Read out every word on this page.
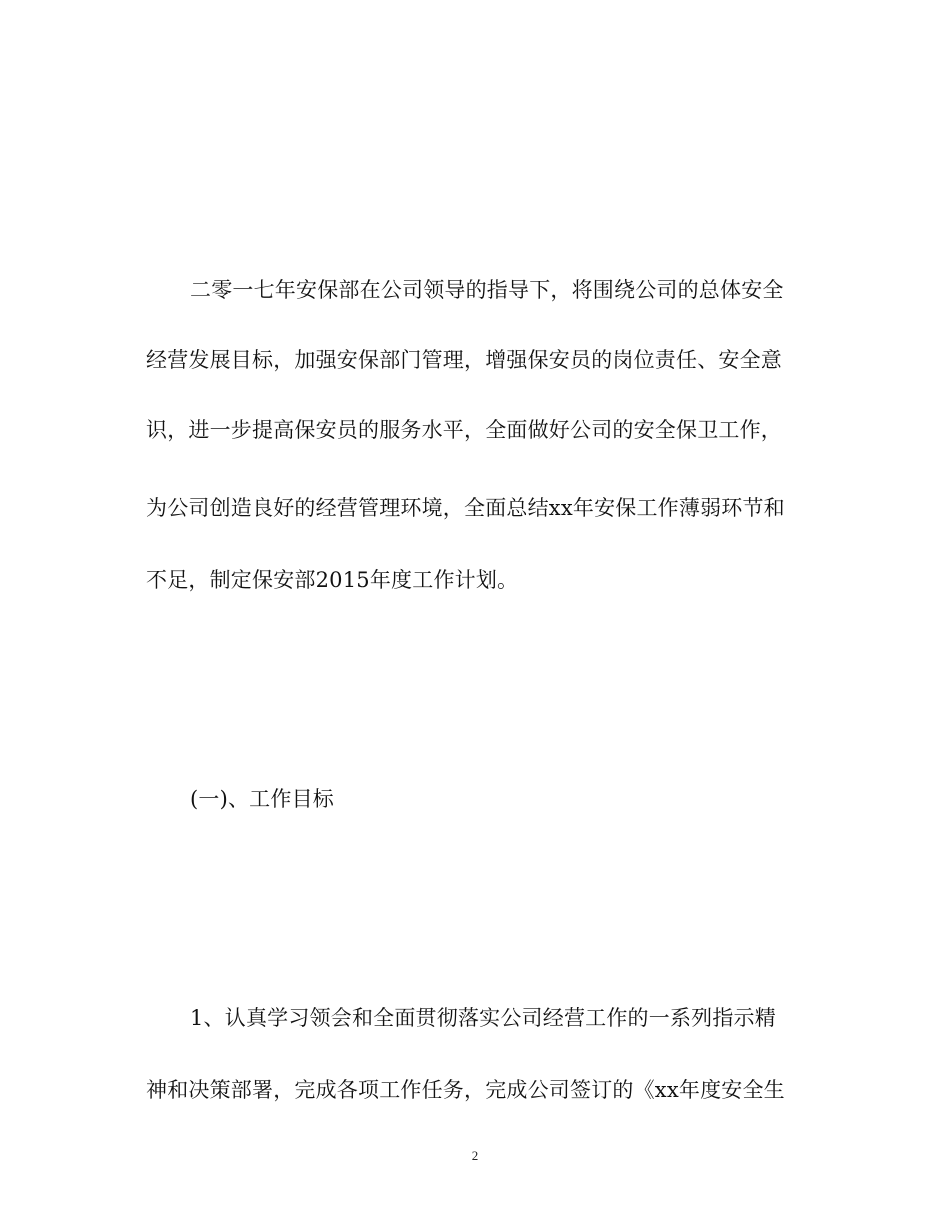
二零一七年安保部在公司领导的指导下，将围绕公司的总体安全
经营发展目标，加强安保部门管理，增强保安员的岗位责任、安全意
识，进一步提高保安员的服务水平，全面做好公司的安全保卫工作，
为公司创造良好的经营管理环境，全面总结xx年安保工作薄弱环节和
不足，制定保安部2015年度工作计划。
(一)、工作目标
1、认真学习领会和全面贯彻落实公司经营工作的一系列指示精
神和决策部署，完成各项工作任务，完成公司签订的《xx年度安全生
2
